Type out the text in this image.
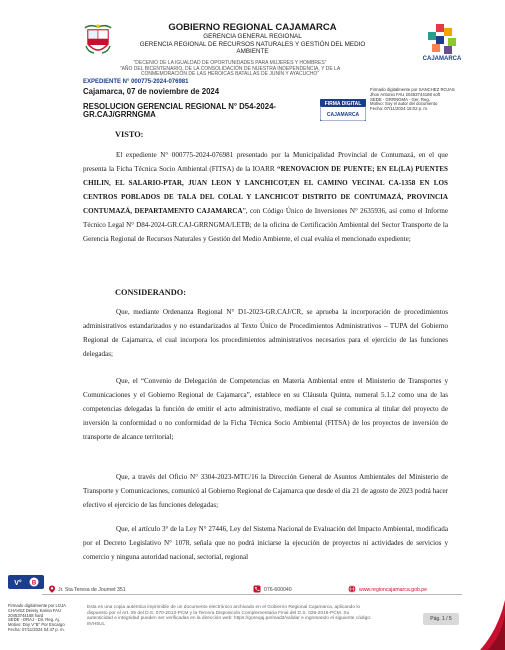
GOBIERNO REGIONAL CAJAMARCA
GERENCIA GENERAL REGIONAL
GERENCIA REGIONAL DE RECURSOS NATURALES Y GESTIÓN DEL MEDIO
AMBIENTE
CAJAMARCA
"DECENIO DE LA IGUALDAD DE OPORTUNIDADES PARA MUJERES Y HOMBRES"
"AÑO DEL BICENTENARIO, DE LA CONSOLIDACIÓN DE NUESTRA INDEPENDENCIA, Y DE LA
CONMEMORACIÓN DE LAS HEROICAS BATALLAS DE JUNÍN Y AYACUCHO"
EXPEDIENTE N° 000775-2024-076981
Cajamarca, 07 de noviembre de 2024
RESOLUCION GERENCIAL REGIONAL N° D54-2024-
GR.CAJ/GRRNGMA
FIRMA DIGITAL
CAJAMARCA
Firmado digitalmente por SANCHEZ ROJAS
Jhon Antonio FAU 20453744168 soft
SEDE - GRRNGMA - Ger. Reg.
Motivo: Soy el autor del documento
Fecha: 07/11/2024 15:02 p. m.
VISTO:
El expediente N° 000775-2024-076981 presentado por la Municipalidad Provincial de Contumazá, en el que presenta la Ficha Técnica Socio Ambiental (FITSA) de la IOARR “RENOVACION DE PUENTE; EN EL(LA) PUENTES CHILIN, EL SALARIO-PTAR, JUAN LEON Y LANCHICOT,EN EL CAMINO VECINAL CA-1358 EN LOS CENTROS POBLADOS DE TALA DEL COLAL Y LANCHICOT DISTRITO DE CONTUMAZÁ, PROVINCIA CONTUMAZÁ, DEPARTAMENTO CAJAMARCA”, con Código Único de Inversiones N° 2635936, así como el Informe Técnico Legal N° D84-2024-GR.CAJ-GRRNGMA/LETB; de la oficina de Certificación Ambiental del Sector Transporte de la Gerencia Regional de Recursos Naturales y Gestión del Medio Ambiente, el cual evalúa el mencionado expediente;
CONSIDERANDO:
Que, mediante Ordenanza Regional N° D1-2023-GR.CAJ/CR, se aprueba la incorporación de procedimientos administrativos estandarizados y no estandarizados al Texto Único de Procedimientos Administrativos – TUPA del Gobierno Regional de Cajamarca, el cual incorpora los procedimientos administrativos necesarios para el ejercicio de las funciones delegadas;
Que, el “Convenio de Delegación de Competencias en Materia Ambiental entre el Ministerio de Transportes y Comunicaciones y el Gobierno Regional de Cajamarca”, establece en su Cláusula Quinta, numeral 5.1.2 como una de las competencias delegadas la función de emitir el acto administrativo, mediante el cual se comunica al titular del proyecto de inversión la conformidad o no conformidad de la Ficha Técnica Socio Ambiental (FITSA) de los proyectos de inversión de transporte de alcance territorial;
Que, a través del Oficio N° 3304-2023-MTC/16 la Dirección General de Asuntos Ambientales del Ministerio de Transporte y Comunicaciones, comunicó al Gobierno Regional de Cajamarca que desde el día 21 de agosto de 2023 podrá hacer efectivo el ejercicio de las funciones delegadas;
Que, el artículo 3° de la Ley N° 27446, Ley del Sistema Nacional de Evaluación del Impacto Ambiental, modificada por el Decreto Legislativo N° 1078, señala que no podrá iniciarse la ejecución de proyectos ni actividades de servicios y comercio y ninguna autoridad nacional, sectorial, regional
V° B
Firmado digitalmente por LOJA
CHAVEZ Deissy Karina FAU
20453744168 hard
SEDE - DRAJ - Dir. Reg. Aj.
Motivo: Doy V°B° Por Encargo
Fecha: 07/11/2024 04:47 p. m.
Jr. Sta Teresa de Journet 351	076-600040	www.regioncajamarca.gob.pe
Esta es una copia auténtica imprimible de un documento electrónico archivado en el Gobierno Regional Cajamarca, aplicando lo
dispuesto por el Art. 25 del D.S. 070-2013-PCM y la Tercera Disposición Complementaria Final del D.S. 026-2016-PCM. Su
autenticidad e integridad pueden ser verificadas en la dirección web: https://goreqaj.pe/mad3/validar e ingresando el siguiente código:
8VH5UL
Pág. 1 / 5
